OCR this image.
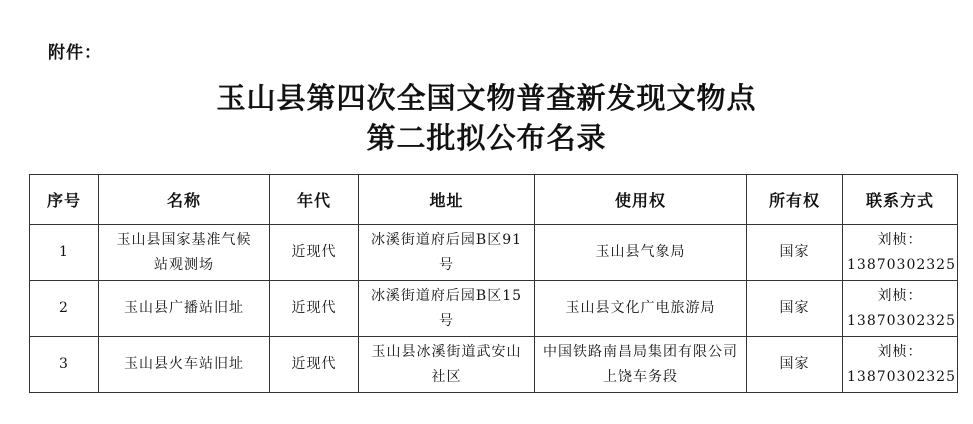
附件：
玉山县第四次全国文物普查新发现文物点
第二批拟公布名录
序号	名称	年代	地址	使用权	所有权	联系方式
1	玉山县国家基准气候站观测场	近现代	冰溪街道府后园B区91号	玉山县气象局	国家	刘桢：13870302325
2	玉山县广播站旧址	近现代	冰溪街道府后园B区15号	玉山县文化广电旅游局	国家	刘桢：13870302325
3	玉山县火车站旧址	近现代	玉山县冰溪街道武安山社区	中国铁路南昌局集团有限公司上饶车务段	国家	刘桢：13870302325
